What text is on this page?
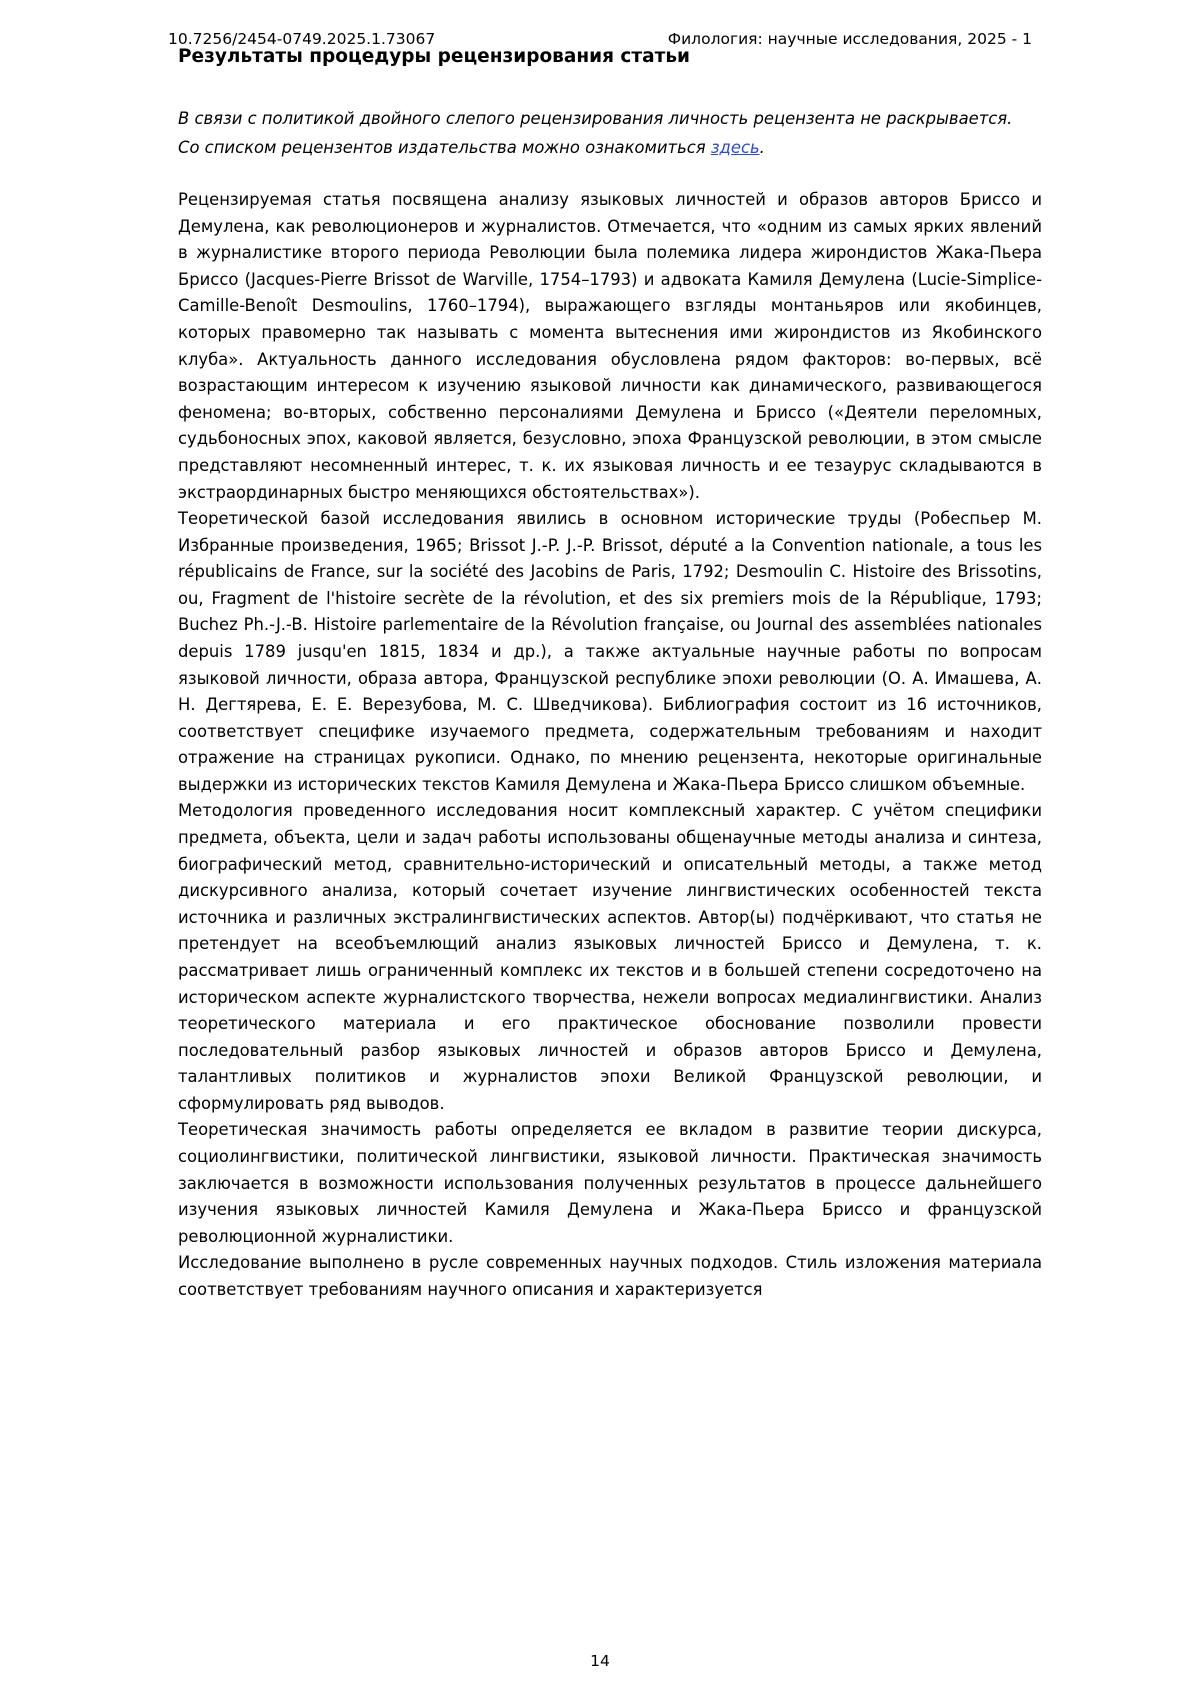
10.7256/2454-0749.2025.1.73067	Филология: научные исследования, 2025 - 1
Результаты процедуры рецензирования статьи

В связи с политикой двойного слепого рецензирования личность рецензента не раскрывается.

Со списком рецензентов издательства можно ознакомиться здесь.

Рецензируемая статья посвящена анализу языковых личностей и образов авторов Бриссо и Демулена, как революционеров и журналистов. Отмечается, что «одним из самых ярких явлений в журналистике второго периода Революции была полемика лидера жирондистов Жака-Пьера Бриссо (Jacques-Pierre Brissot de Warville, 1754–1793) и адвоката Камиля Демулена (Lucie-Simplice-Camille-Benoît Desmoulins, 1760–1794), выражающего взгляды монтаньяров или якобинцев, которых правомерно так называть с момента вытеснения ими жирондистов из Якобинского клуба». Актуальность данного исследования обусловлена рядом факторов: во-первых, всё возрастающим интересом к изучению языковой личности как динамического, развивающегося феномена; во-вторых, собственно персоналиями Демулена и Бриссо («Деятели переломных, судьбоносных эпох, каковой является, безусловно, эпоха Французской революции, в этом смысле представляют несомненный интерес, т. к. их языковая личность и ее тезаурус складываются в экстраординарных быстро меняющихся обстоятельствах»).

Теоретической базой исследования явились в основном исторические труды (Робеспьер М. Избранные произведения, 1965; Brissot J.-P. J.-P. Brissot, député a la Convention nationale, a tous les républicains de France, sur la société des Jacobins de Paris, 1792; Desmoulin C. Histoire des Brissotins, ou, Fragment de l'histoire secrète de la révolution, et des six premiers mois de la République, 1793; Buchez Ph.-J.-B. Histoire parlementaire de la Révolution française, ou Journal des assemblées nationales depuis 1789 jusqu'en 1815, 1834 и др.), а также актуальные научные работы по вопросам языковой личности, образа автора, Французской республике эпохи революции (О. А. Имашева, А. Н. Дегтярева, Е. Е. Верезубова, М. С. Шведчикова). Библиография состоит из 16 источников, соответствует специфике изучаемого предмета, содержательным требованиям и находит отражение на страницах рукописи. Однако, по мнению рецензента, некоторые оригинальные выдержки из исторических текстов Камиля Демулена и Жака-Пьера Бриссо слишком объемные.

Методология проведенного исследования носит комплексный характер. С учётом специфики предмета, объекта, цели и задач работы использованы общенаучные методы анализа и синтеза, биографический метод, сравнительно-исторический и описательный методы, а также метод дискурсивного анализа, который сочетает изучение лингвистических особенностей текста источника и различных экстралингвистических аспектов. Автор(ы) подчёркивают, что статья не претендует на всеобъемлющий анализ языковых личностей Бриссо и Демулена, т. к. рассматривает лишь ограниченный комплекс их текстов и в большей степени сосредоточено на историческом аспекте журналистского творчества, нежели вопросах медиалингвистики. Анализ теоретического материала и его практическое обоснование позволили провести последовательный разбор языковых личностей и образов авторов Бриссо и Демулена, талантливых политиков и журналистов эпохи Великой Французской революции, и сформулировать ряд выводов.

Теоретическая значимость работы определяется ее вкладом в развитие теории дискурса, социолингвистики, политической лингвистики, языковой личности. Практическая значимость заключается в возможности использования полученных результатов в процессе дальнейшего изучения языковых личностей Камиля Демулена и Жака-Пьера Бриссо и французской революционной журналистики.

Исследование выполнено в русле современных научных подходов. Стиль изложения материала соответствует требованиям научного описания и характеризуется

14
